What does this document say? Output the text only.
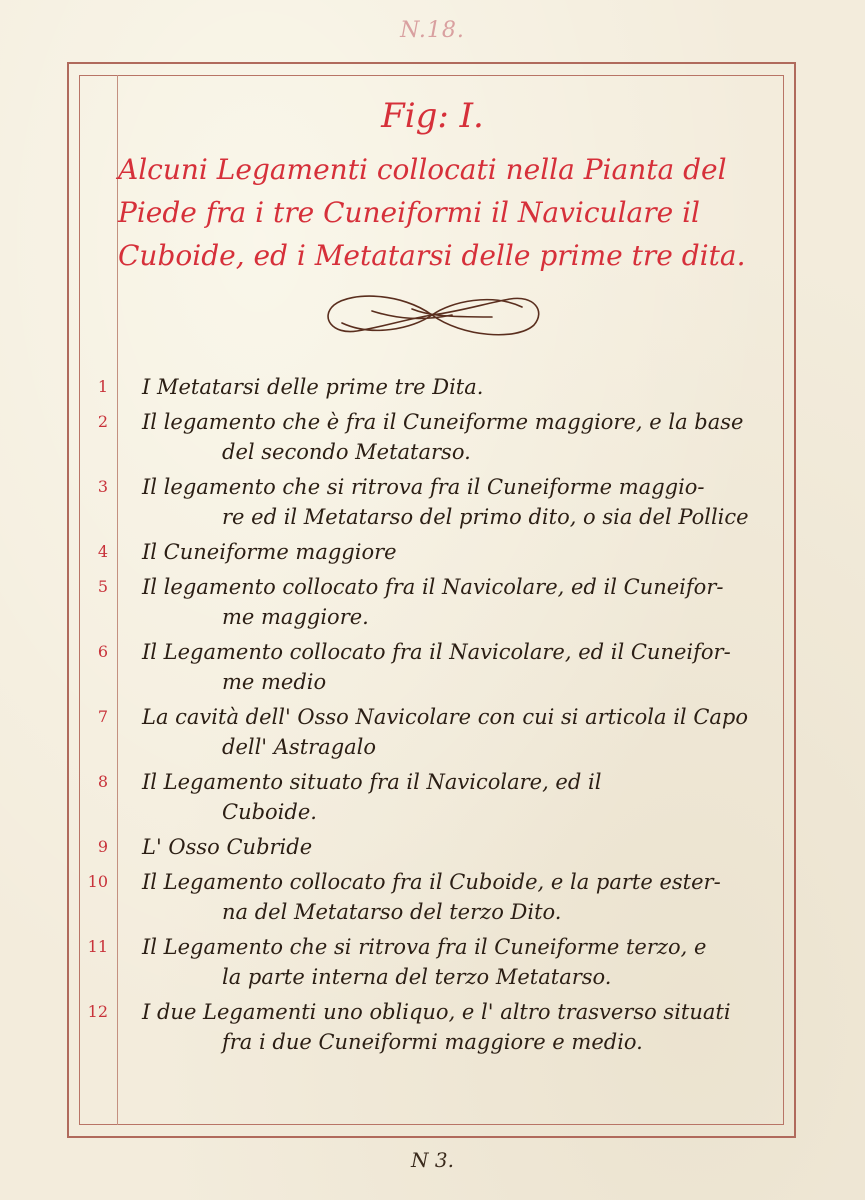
N.18.
Fig: I.
Alcuni Legamenti collocati nella Pianta del Piede fra i tre Cuneiformi il Naviculare il Cuboide, ed i Metatarsi delle prime tre dita.
1	I Metatarsi delle prime tre Dita.
2	Il legamento che è fra il Cuneiforme maggiore, e la base
del secondo Metatarso.
3	Il legamento che si ritrova fra il Cuneiforme maggio-
re ed il Metatarso del primo dito, o sia del Pollice
4	Il Cuneiforme maggiore
5	Il legamento collocato fra il Navicolare, ed il Cuneifor-
me maggiore.
6	Il Legamento collocato fra il Navicolare, ed il Cuneifor-
me medio
7	La cavità dell' Osso Navicolare con cui si articola il Capo
dell' Astragalo
8	Il Legamento situato fra il Navicolare, ed il
Cuboide.
9	L' Osso Cubride
10	Il Legamento collocato fra il Cuboide, e la parte ester-
na del Metatarso del terzo Dito.
11	Il Legamento che si ritrova fra il Cuneiforme terzo, e
la parte interna del terzo Metatarso.
12	I due Legamenti uno obliquo, e l' altro trasverso situati
fra i due Cuneiformi maggiore e medio.
N 3.
